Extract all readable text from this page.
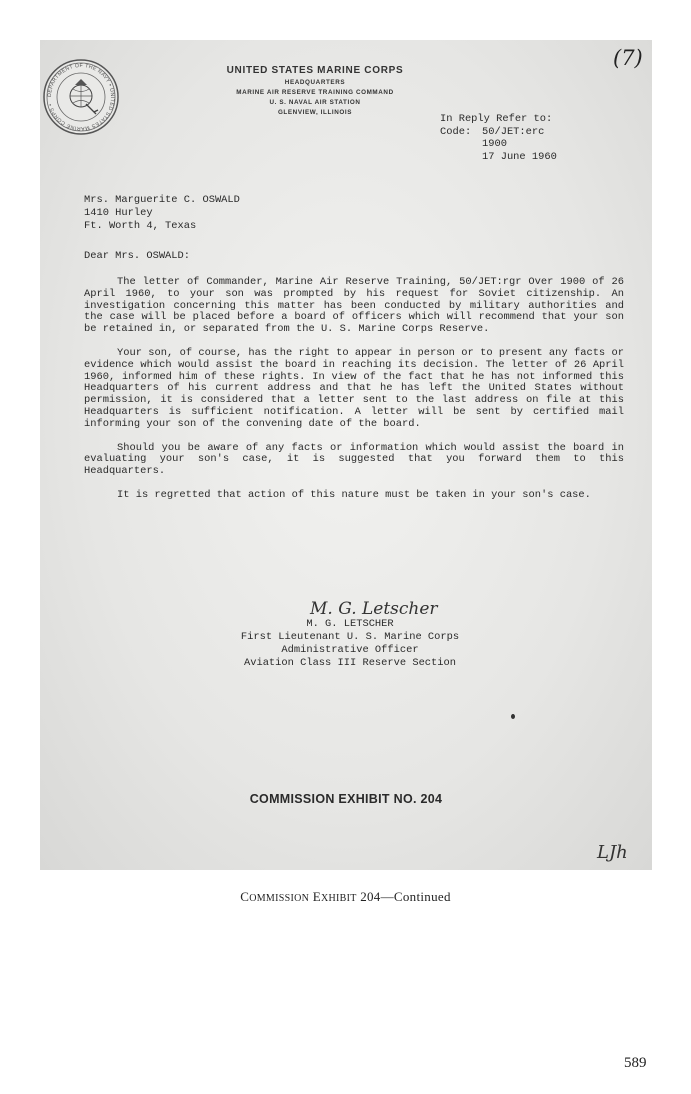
DEPARTMENT OF THE NAVY • UNITED STATES MARINE CORPS •
(7)
UNITED STATES MARINE CORPS
HEADQUARTERS
MARINE AIR RESERVE TRAINING COMMAND
U. S. NAVAL AIR STATION
GLENVIEW, ILLINOIS
In Reply Refer to:
Code:	50/JET:erc
1900
17 June 1960
Mrs. Marguerite C. OSWALD
1410 Hurley
Ft. Worth 4, Texas
Dear Mrs. OSWALD:

The letter of Commander, Marine Air Reserve Training, 50/JET:rgr Over 1900 of 26 April 1960, to your son was prompted by his request for Soviet citizenship. An investigation concerning this matter has been conducted by military authorities and the case will be placed before a board of officers which will recommend that your son be retained in, or separated from the U. S. Marine Corps Reserve.

Your son, of course, has the right to appear in person or to present any facts or evidence which would assist the board in reaching its decision. The letter of 26 April 1960, informed him of these rights. In view of the fact that he has not informed this Headquarters of his current address and that he has left the United States without permission, it is considered that a letter sent to the last address on file at this Headquarters is sufficient notification. A letter will be sent by certified mail informing your son of the convening date of the board.

Should you be aware of any facts or information which would assist the board in evaluating your son's case, it is suggested that you forward them to this Headquarters.

It is regretted that action of this nature must be taken in your son's case.

M. G. Letscher
M. G. LETSCHER
First Lieutenant U. S. Marine Corps
Administrative Officer
Aviation Class III Reserve Section
COMMISSION EXHIBIT NO. 204
LJh
COMMISSION EXHIBIT 204—Continued
589
